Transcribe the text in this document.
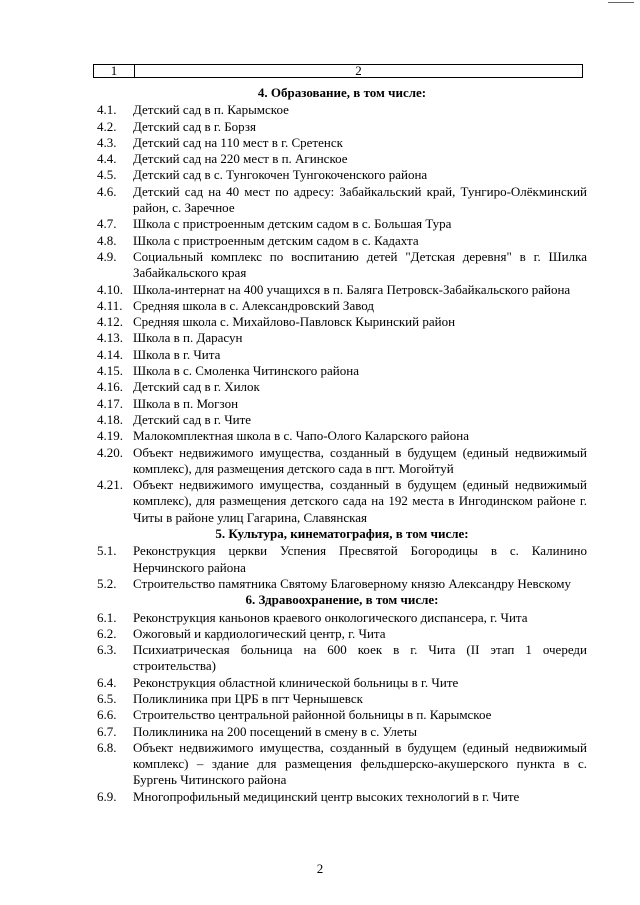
1	2
4. Образование, в том числе:
4.1.	Детский сад в п. Карымское
4.2.	Детский сад в г. Борзя
4.3.	Детский сад на 110 мест в г. Сретенск
4.4.	Детский сад на 220 мест в п. Агинское
4.5.	Детский сад в с. Тунгокочен Тунгокоченского района
4.6.	Детский сад на 40 мест по адресу: Забайкальский край, Тунгиро-Олёкминский район, с. Заречное
4.7.	Школа с пристроенным детским садом в с. Большая Тура
4.8.	Школа с пристроенным детским садом в с. Кадахта
4.9.	Социальный комплекс по воспитанию детей "Детская деревня" в г. Шилка Забайкальского края
4.10. Школа-интернат на 400 учащихся в п. Баляга Петровск-Забайкальского района
4.11. Средняя школа в с. Александровский Завод
4.12. Средняя школа с. Михайлово-Павловск Кыринский район
4.13. Школа в п. Дарасун
4.14. Школа в г. Чита
4.15. Школа в с. Смоленка Читинского района
4.16. Детский сад в г. Хилок
4.17. Школа в п. Могзон
4.18. Детский сад в г. Чите
4.19. Малокомплектная школа в с. Чапо-Олого Каларского района
4.20. Объект недвижимого имущества, созданный в будущем (единый недвижимый комплекс), для размещения детского сада в пгт. Могойтуй
4.21. Объект недвижимого имущества, созданный в будущем (единый недвижимый комплекс), для размещения детского сада на 192 места в Ингодинском районе г. Читы в районе улиц Гагарина, Славянская
5. Культура, кинематография, в том числе:
5.1.	Реконструкция церкви Успения Пресвятой Богородицы в с. Калинино Нерчинского района
5.2.	Строительство памятника Святому Благоверному князю Александру Невскому
6. Здравоохранение, в том числе:
6.1.	Реконструкция каньонов краевого онкологического диспансера, г. Чита
6.2.	Ожоговый и кардиологический центр, г. Чита
6.3.	Психиатрическая больница на 600 коек в г. Чита (II этап 1 очереди строительства)
6.4.	Реконструкция областной клинической больницы в г. Чите
6.5.	Поликлиника при ЦРБ в пгт Чернышевск
6.6.	Строительство центральной районной больницы в п. Карымское
6.7.	Поликлиника на 200 посещений в смену в с. Улеты
6.8.	Объект недвижимого имущества, созданный в будущем (единый недвижимый комплекс) – здание для размещения фельдшерско-акушерского пункта в с. Бургень Читинского района
6.9.	Многопрофильный медицинский центр высоких технологий в г. Чите
2
